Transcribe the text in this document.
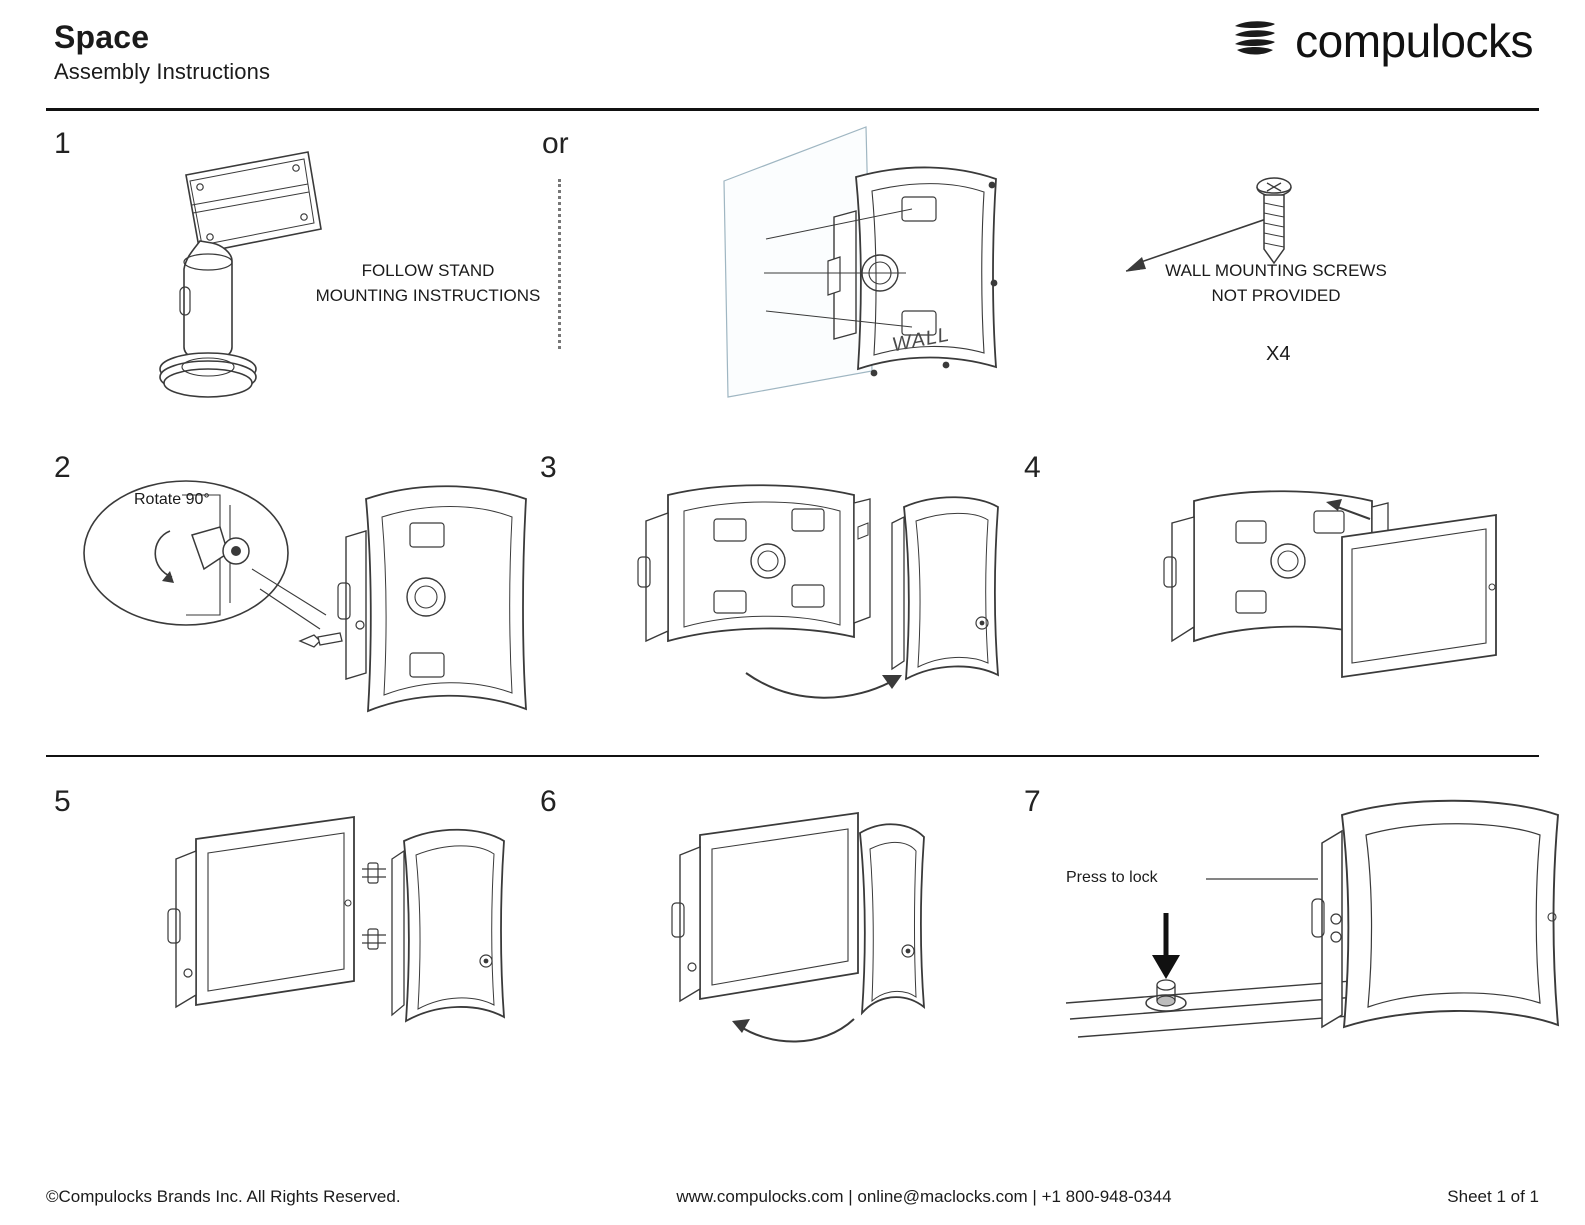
Space
Assembly Instructions
compulocks
1
FOLLOW STAND
MOUNTING INSTRUCTIONS
or
WALL	X4
WALL MOUNTING SCREWS
NOT PROVIDED
2
Rotate 90°
3	4
5	6	7
Press to lock
©Compulocks Brands Inc. All Rights Reserved.	www.compulocks.com | online@maclocks.com | +1 800-948-0344	Sheet 1 of 1
